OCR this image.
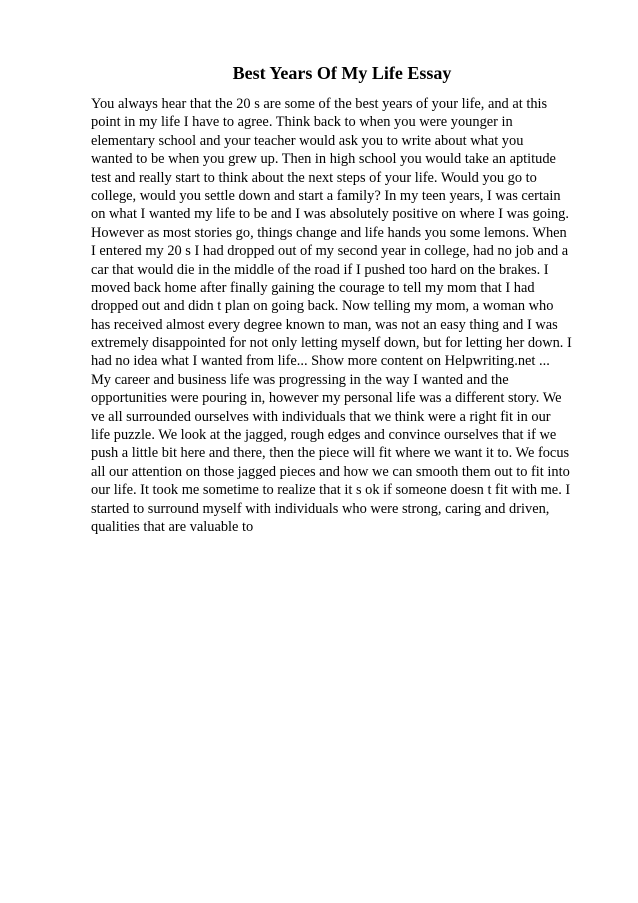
Best Years Of My Life Essay
You always hear that the 20 s are some of the best years of your life, and at this
point in my life I have to agree. Think back to when you were younger in
elementary school and your teacher would ask you to write about what you
wanted to be when you grew up. Then in high school you would take an aptitude
test and really start to think about the next steps of your life. Would you go to
college, would you settle down and start a family? In my teen years, I was certain
on what I wanted my life to be and I was absolutely positive on where I was going.
However as most stories go, things change and life hands you some lemons. When
I entered my 20 s I had dropped out of my second year in college, had no job and a
car that would die in the middle of the road if I pushed too hard on the brakes. I
moved back home after finally gaining the courage to tell my mom that I had
dropped out and didn t plan on going back. Now telling my mom, a woman who
has received almost every degree known to man, was not an easy thing and I was
extremely disappointed for not only letting myself down, but for letting her down. I
had no idea what I wanted from life... Show more content on Helpwriting.net ...
My career and business life was progressing in the way I wanted and the
opportunities were pouring in, however my personal life was a different story. We
ve all surrounded ourselves with individuals that we think were a right fit in our
life puzzle. We look at the jagged, rough edges and convince ourselves that if we
push a little bit here and there, then the piece will fit where we want it to. We focus
all our attention on those jagged pieces and how we can smooth them out to fit into
our life. It took me sometime to realize that it s ok if someone doesn t fit with me. I
started to surround myself with individuals who were strong, caring and driven,
qualities that are valuable to
